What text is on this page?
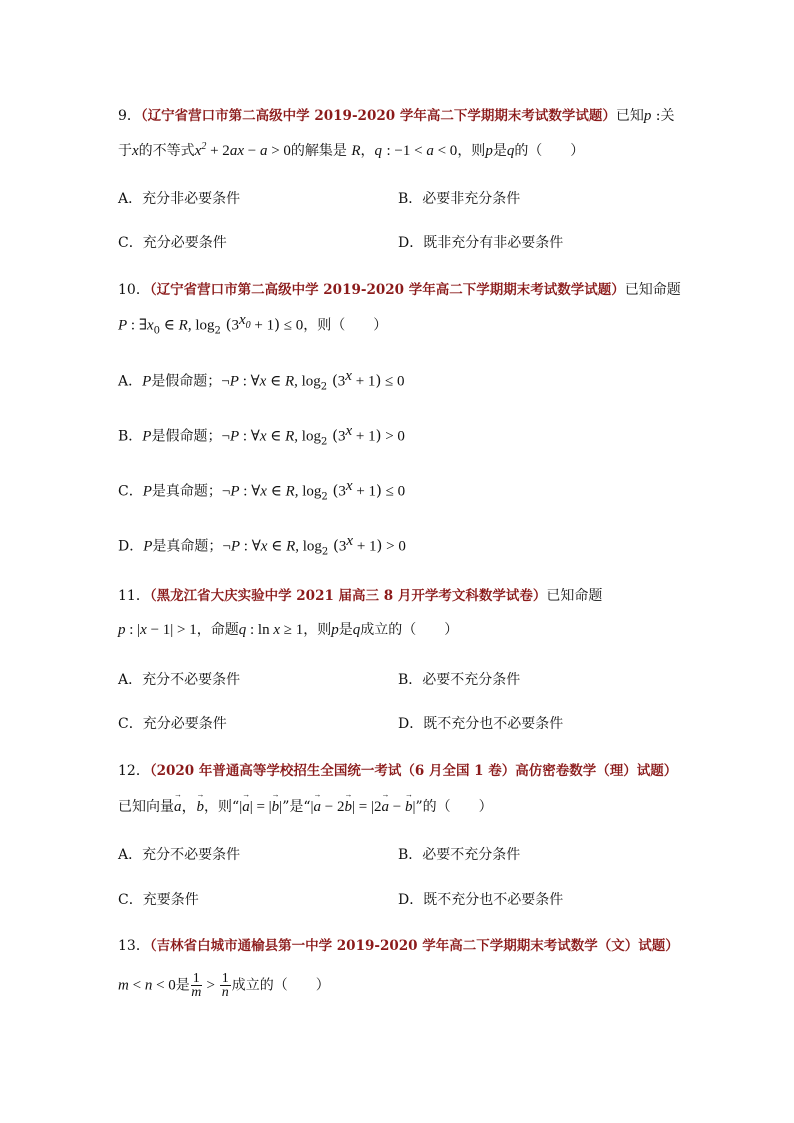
9．（辽宁省营口市第二高级中学 2019-2020 学年高二下学期期末考试数学试题）已知p :关
于x的不等式$x^2 + 2ax - a > 0$的解集是 R，q : −1 < a < 0，则p是q的（　　）
A．充分非必要条件	B．必要非充分条件
C．充分必要条件	D．既非充分有非必要条件
10．（辽宁省营口市第二高级中学 2019-2020 学年高二下学期期末考试数学试题）已知命题
P : $\exists x_0$ ∈ R, $\log_2 (3^{x_0} + 1) \le 0$，则（　　）
A．P是假命题；¬P : ∀x ∈ R, $\log_2 (3^x + 1) \le 0$
B．P是假命题；¬P : ∀x ∈ R, $\log_2 (3^x + 1) > 0$
C．P是真命题；¬P : ∀x ∈ R, $\log_2 (3^x + 1) \le 0$
D．P是真命题；¬P : ∀x ∈ R, $\log_2 (3^x + 1) > 0$
11．（黑龙江省大庆实验中学 2021 届高三 8 月开学考文科数学试卷）已知命题
p : |x − 1| > 1，命题q : ln x ≥ 1，则p是q成立的（　　）
A．充分不必要条件	B．必要不充分条件
C．充分必要条件	D．既不充分也不必要条件
12．（2020 年普通高等学校招生全国统一考试（6 月全国 1 卷）高仿密卷数学（理）试题）
已知向量→ a，→ b，则“|→ a| = |→ b|”是“|→ a − 2→ b| = |2→ a − → b|”的（　　）
A．充分不必要条件	B．必要不充分条件
C．充要条件	D．既不充分也不必要条件
13．（吉林省白城市通榆县第一中学 2019-2020 学年高二下学期期末考试数学（文）试题）
m < n < 0是 $\frac{1}{m} > \frac{1}{n}$ 成立的（　　）
